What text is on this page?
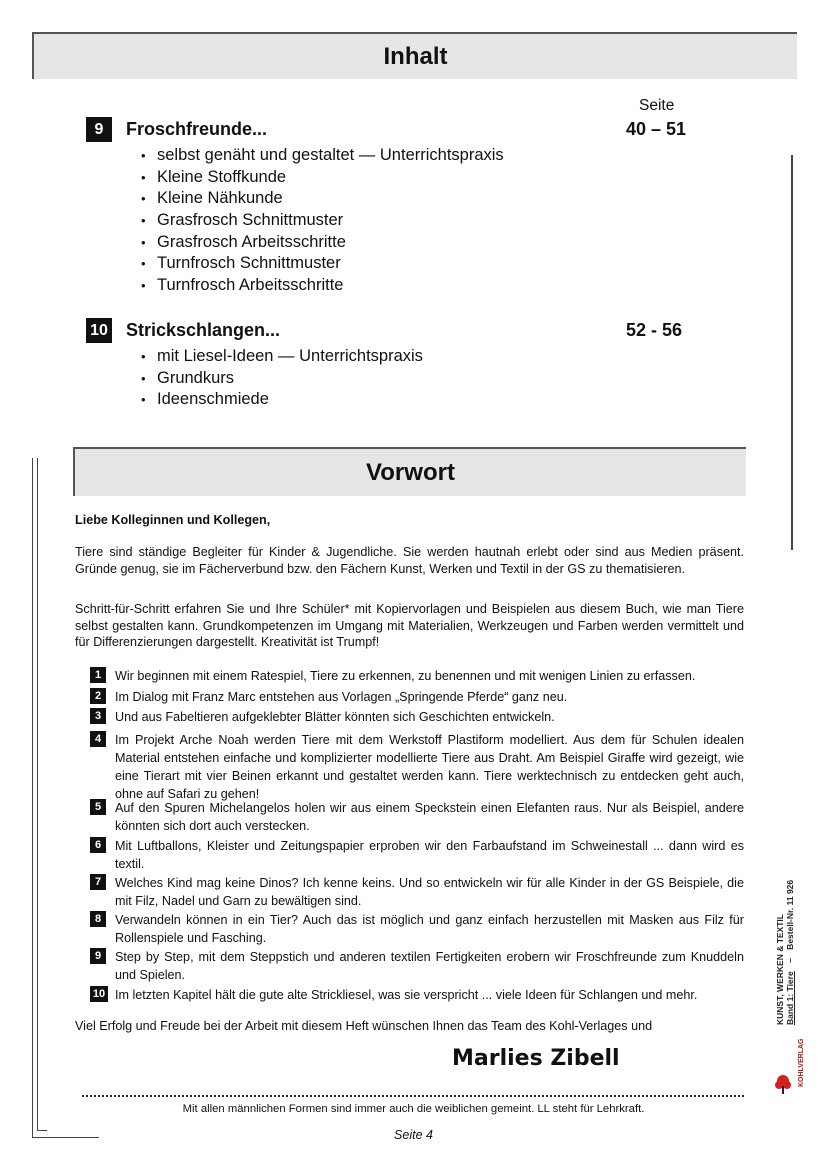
Inhalt
Seite
9	Froschfreunde...	40 – 51
• selbst genäht und gestaltet — Unterrichtspraxis
• Kleine Stoffkunde
• Kleine Nähkunde
• Grasfrosch Schnittmuster
• Grasfrosch Arbeitsschritte
• Turnfrosch Schnittmuster
• Turnfrosch Arbeitsschritte
10 Strickschlangen...	52 - 56
• mit Liesel-Ideen — Unterrichtspraxis
• Grundkurs
• Ideenschmiede
Vorwort
Liebe Kolleginnen und Kollegen,
Tiere sind ständige Begleiter für Kinder & Jugendliche. Sie werden hautnah erlebt oder sind aus Medien präsent. Gründe genug, sie im Fächerverbund bzw. den Fächern Kunst, Werken und Textil in der GS zu thematisieren.
Schritt-für-Schritt erfahren Sie und Ihre Schüler* mit Kopiervorlagen und Beispielen aus diesem Buch, wie man Tiere selbst gestalten kann. Grundkompetenzen im Umgang mit Materialien, Werkzeugen und Farben werden vermittelt und für Differenzierungen dargestellt. Kreativität ist Trumpf!
1	Wir beginnen mit einem Ratespiel, Tiere zu erkennen, zu benennen und mit wenigen Linien zu erfassen.
2	Im Dialog mit Franz Marc entstehen aus Vorlagen „Springende Pferde“ ganz neu.
3	Und aus Fabeltieren aufgeklebter Blätter könnten sich Geschichten entwickeln.
4	Im Projekt Arche Noah werden Tiere mit dem Werkstoff Plastiform modelliert. Aus dem für Schulen idealen Material entstehen einfache und komplizierter modellierte Tiere aus Draht. Am Beispiel Giraffe wird gezeigt, wie eine Tierart mit vier Beinen erkannt und gestaltet werden kann. Tiere werktechnisch zu entdecken geht auch, ohne auf Safari zu gehen!
5	Auf den Spuren Michelangelos holen wir aus einem Speckstein einen Elefanten raus. Nur als Beispiel, andere könnten sich dort auch verstecken.
6	Mit Luftballons, Kleister und Zeitungspapier erproben wir den Farbaufstand im Schweinestall ... dann wird es textil.
7	Welches Kind mag keine Dinos? Ich kenne keins. Und so entwickeln wir für alle Kinder in der GS Beispiele, die mit Filz, Nadel und Garn zu bewältigen sind.
8	Verwandeln können in ein Tier? Auch das ist möglich und ganz einfach herzustellen mit Masken aus Filz für Rollenspiele und Fasching.
9	Step by Step, mit dem Steppstich und anderen textilen Fertigkeiten erobern wir Froschfreunde zum Knuddeln und Spielen.
10 Im letzten Kapitel hält die gute alte Strickliesel, was sie verspricht ... viele Ideen für Schlangen und mehr.
Viel Erfolg und Freude bei der Arbeit mit diesem Heft wünschen Ihnen das Team des Kohl-Verlages und
Marlies Zibell
Mit allen männlichen Formen sind immer auch die weiblichen gemeint. LL steht für Lehrkraft.
Seite 4
KUNST, WERKEN & TEXTIL Band 1: Tiere – Bestell-Nr. 11 926
KOHLVERLAG
